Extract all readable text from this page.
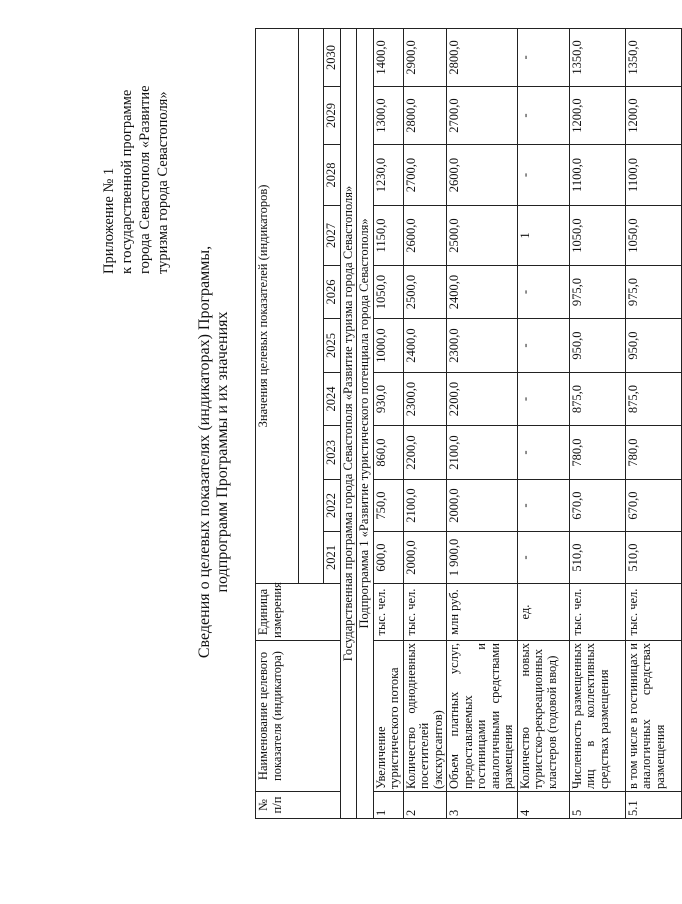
Приложение № 1 к государственной программе города Севастополя «Развитие туризма города Севастополя»
Сведения о целевых показателях (индикаторах) Программы, подпрограмм Программы и их значениях
№ п/п	Наименование целевого показателя (индикатора)	Единица измерения	Значения целевых показателей (индикаторов)									

			2021	2022	2023	2024	2025	2026	2027	2028	2029	2030
Государственная программа города Севастополя «Развитие туризма города Севастополя»												
Подпрограмма 1 «Развитие туристического потенциала города Севастополя»												
1	Увеличение туристического потока	тыс. чел.	600,0	750,0	860,0	930,0	1000,0	1050,0	1150,0	1230,0	1300,0	1400,0
2	Количество однодневных посетителей (экскурсантов)	тыс. чел.	2000,0	2100,0	2200,0	2300,0	2400,0	2500,0	2600,0	2700,0	2800,0	2900,0
3	Объем платных услуг, предоставляемых гостиницами и аналогичными средствами размещения	млн руб.	1 900,0	2000,0	2100,0	2200,0	2300,0	2400,0	2500,0	2600,0	2700,0	2800,0
4	Количество новых туристско-рекреационных кластеров (годовой ввод)	ед.	-	-	-	-	-	-	1	-	-	-
5	Численность размещенных лиц в коллективных средствах размещения	тыс. чел.	510,0	670,0	780,0	875,0	950,0	975,0	1050,0	1100,0	1200,0	1350,0
5.1	в том числе в гостиницах и аналогичных средствах размещения	тыс. чел.	510,0	670,0	780,0	875,0	950,0	975,0	1050,0	1100,0	1200,0	1350,0
